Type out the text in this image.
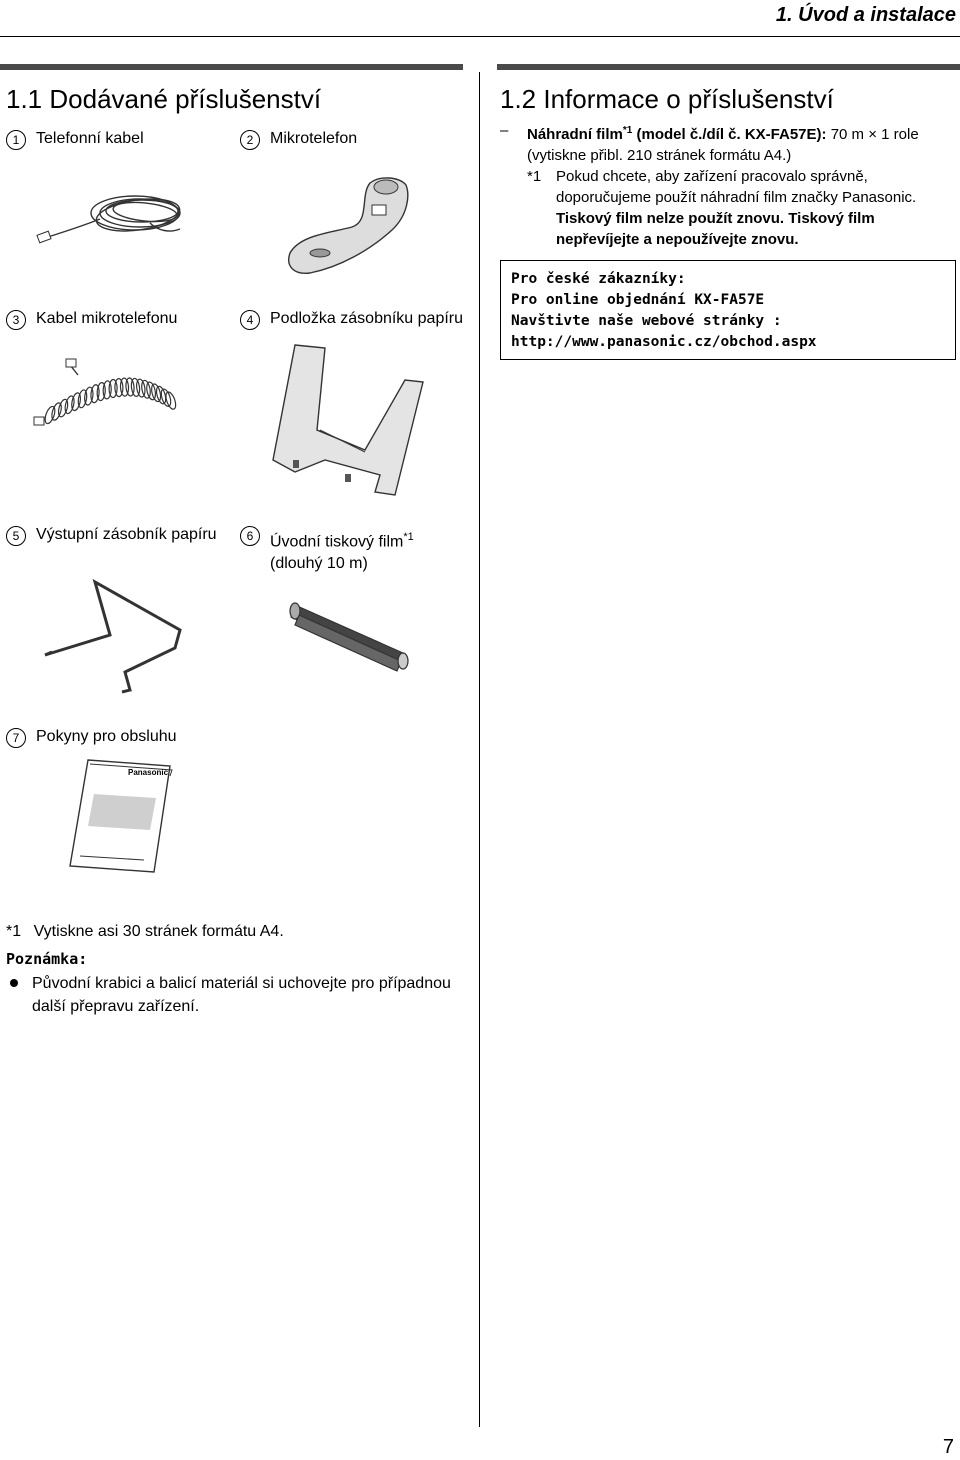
1. Úvod a instalace
1.1 Dodávané příslušenství
1	Telefonní kabel	2	Mikrotelefon
3	Kabel mikrotelefonu	4	Podložka zásobníku papíru
5	Výstupní zásobník papíru	6	Úvodní tiskový film$^{*1}$
(dlouhý 10 m)
7	Pokyny pro obsluhu
Panasonic
*1 Vytiskne asi 30 stránek formátu A4.
Poznámka:
Původní krabici a balicí materiál si uchovejte pro případnou další přepravu zařízení.
1.2 Informace o příslušenství
– Náhradní film$^{*1}$ (model č./díl č. KX-FA57E): 70 m × 1 role
(vytiskne přibl. 210 stránek formátu A4.)
*1 Pokud chcete, aby zařízení pracovalo správně,
doporučujeme použít náhradní film značky Panasonic.
Tiskový film nelze použít znovu. Tiskový film
nepřevíjejte a nepoužívejte znovu.
Pro české zákazníky:
Pro online objednání KX-FA57E
Navštivte naše webové stránky :
http://www.panasonic.cz/obchod.aspx
7
